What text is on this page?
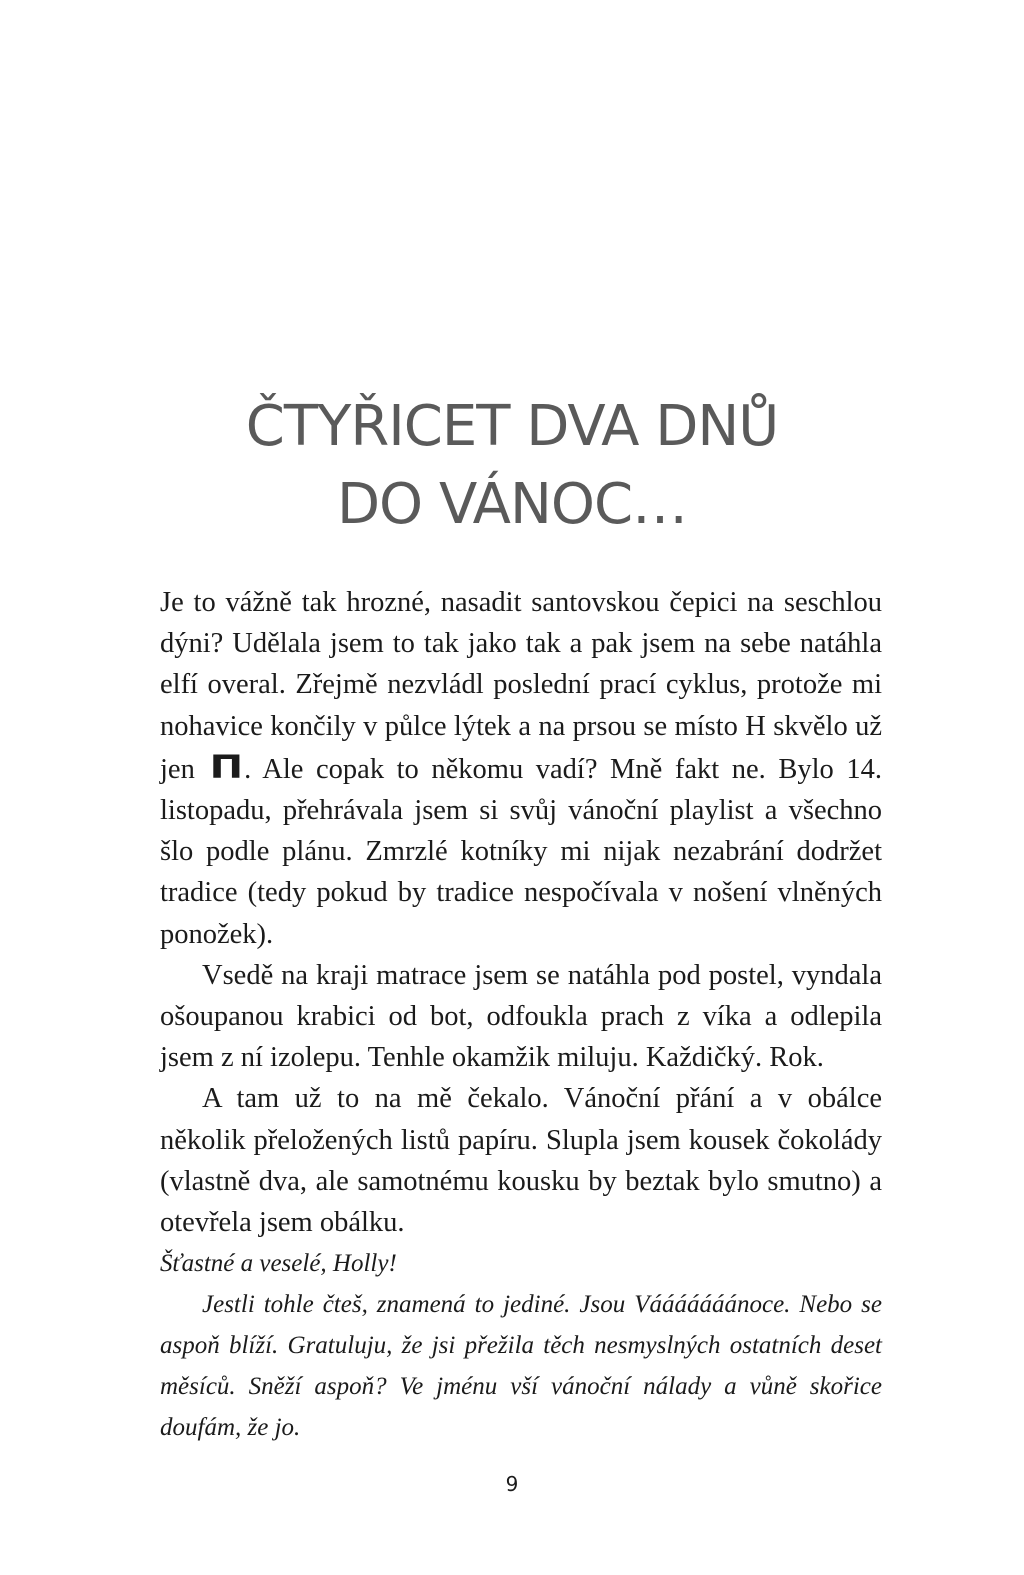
ČTYŘICET DVA DNŮ
DO VÁNOC…

Je to vážně tak hrozné, nasadit santovskou čepici na seschlou dýni? Udělala jsem to tak jako tak a pak jsem na sebe natáhla elfí overal. Zřejmě nezvládl poslední prací cyklus, protože mi nohavice končily v půlce lýtek a na prsou se místo H skvělo už jen Π. Ale copak to někomu vadí? Mně fakt ne. Bylo 14. listopadu, přehrávala jsem si svůj vánoční playlist a všechno šlo podle plánu. Zmrzlé kotníky mi nijak nezabrání dodržet tradice (tedy pokud by tradice nespočívala v nošení vlněných ponožek).

Vsedě na kraji matrace jsem se natáhla pod postel, vyndala ošoupanou krabici od bot, odfoukla prach z víka a odlepila jsem z ní izolepu. Tenhle okamžik miluju. Každičký. Rok.

A tam už to na mě čekalo. Vánoční přání a v obálce několik přeložených listů papíru. Slupla jsem kousek čokolády (vlastně dva, ale samotnému kousku by beztak bylo smutno) a otevřela jsem obálku.

Šťastné a veselé, Holly!

Jestli tohle čteš, znamená to jediné. Jsou Vááááááánoce. Nebo se aspoň blíží. Gratuluju, že jsi přežila těch nesmyslných ostatních deset měsíců. Sněží aspoň? Ve jménu vší vánoční nálady a vůně skořice doufám, že jo.

9
